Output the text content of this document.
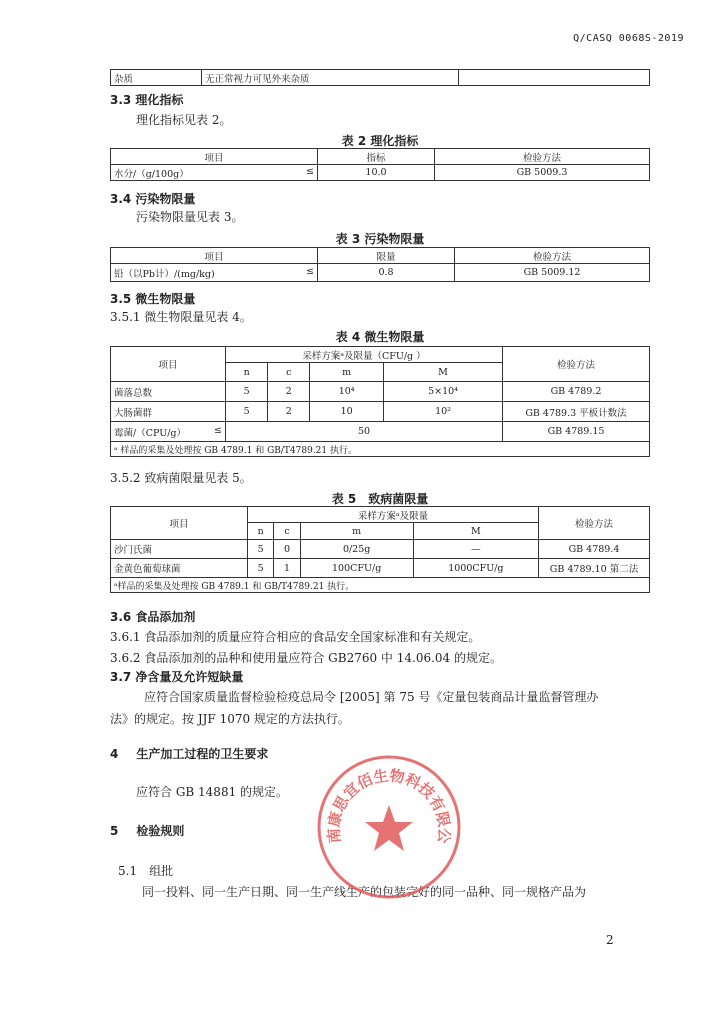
Q/CASQ 0068S-2019
杂质	无正常视力可见外来杂质	
3.3 理化指标
理化指标见表 2。
表 2 理化指标
项目	指标	检验方法
水分/（g/100g） ≤	10.0	GB 5009.3
3.4 污染物限量
污染物限量见表 3。
表 3 污染物限量
项目	限量	检验方法
铅（以Pb计）/(mg/kg) ≤	0.8	GB 5009.12
3.5 微生物限量
3.5.1 微生物限量见表 4。
表 4 微生物限量
项目	采样方案ᵃ及限量（CFU/g ）				检验方法
	n	c	m	M	
菌落总数	5	2	10⁴	5×10⁴	GB 4789.2
大肠菌群	5	2	10	10²	GB 4789.3 平板计数法
霉菌/（CPU/g） ≤	50				GB 4789.15
ᵃ 样品的采集及处理按 GB 4789.1 和 GB/T4789.21 执行。					
3.5.2 致病菌限量见表 5。
表 5　致病菌限量
项目	采样方案ᵃ及限量				检验方法
	n	c	m	M	
沙门氏菌	5	0	0/25g	—	GB 4789.4
金黄色葡萄球菌	5	1	100CFU/g	1000CFU/g	GB 4789.10 第二法
ᵃ样品的采集及处理按 GB 4789.1 和 GB/T4789.21 执行。					
3.6 食品添加剂
3.6.1 食品添加剂的质量应符合相应的食品安全国家标准和有关规定。
3.6.2 食品添加剂的品种和使用量应符合 GB2760 中 14.06.04 的规定。
3.7 净含量及允许短缺量
应符合国家质量监督检验检疫总局令 [2005] 第 75 号《定量包装商品计量监督管理办
法》的规定。按 JJF 1070 规定的方法执行。
4 生产加工过程的卫生要求
应符合 GB 14881 的规定。
5 检验规则
5.1　组批
同一投料、同一生产日期、同一生产线生产的包装完好的同一品种、同一规格产品为
南康思宜佰生物科技有限公
2
